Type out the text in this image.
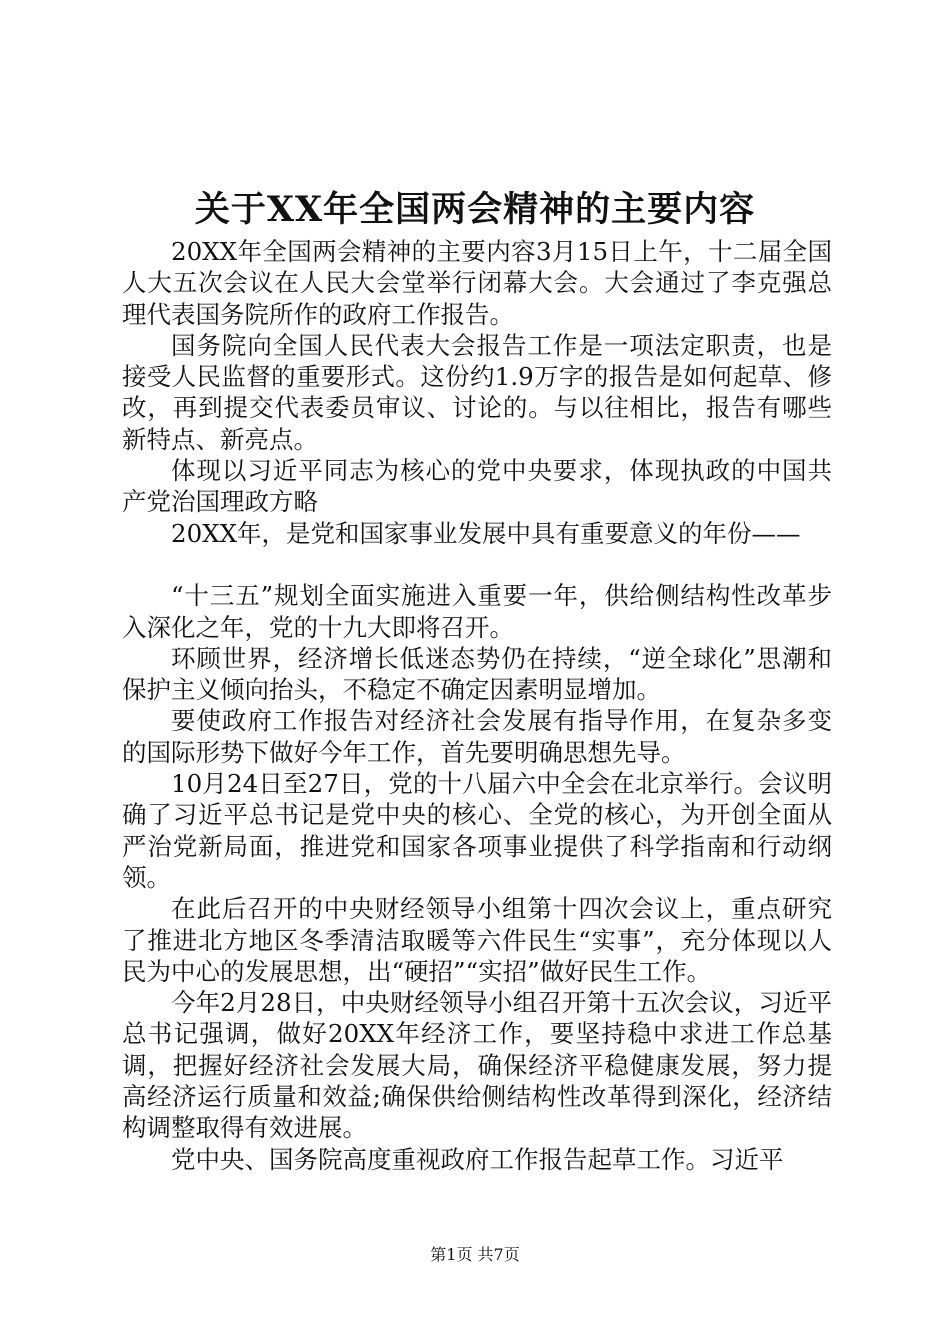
关于XX年全国两会精神的主要内容

20XX年全国两会精神的主要内容3月15日上午，十二届全国人大五次会议在人民大会堂举行闭幕大会。大会通过了李克强总理代表国务院所作的政府工作报告。

国务院向全国人民代表大会报告工作是一项法定职责，也是接受人民监督的重要形式。这份约1.9万字的报告是如何起草、修改，再到提交代表委员审议、讨论的。与以往相比，报告有哪些新特点、新亮点。

体现以习近平同志为核心的党中央要求，体现执政的中国共产党治国理政方略

20XX年，是党和国家事业发展中具有重要意义的年份——

“十三五”规划全面实施进入重要一年，供给侧结构性改革步入深化之年，党的十九大即将召开。

环顾世界，经济增长低迷态势仍在持续，“逆全球化”思潮和保护主义倾向抬头，不稳定不确定因素明显增加。

要使政府工作报告对经济社会发展有指导作用，在复杂多变的国际形势下做好今年工作，首先要明确思想先导。

10月24日至27日，党的十八届六中全会在北京举行。会议明确了习近平总书记是党中央的核心、全党的核心，为开创全面从严治党新局面，推进党和国家各项事业提供了科学指南和行动纲领。

在此后召开的中央财经领导小组第十四次会议上，重点研究了推进北方地区冬季清洁取暖等六件民生“实事”，充分体现以人民为中心的发展思想，出“硬招”“实招”做好民生工作。

今年2月28日，中央财经领导小组召开第十五次会议，习近平总书记强调，做好20XX年经济工作，要坚持稳中求进工作总基调，把握好经济社会发展大局，确保经济平稳健康发展，努力提高经济运行质量和效益;确保供给侧结构性改革得到深化，经济结构调整取得有效进展。

党中央、国务院高度重视政府工作报告起草工作。习近平

第1页 共7页
